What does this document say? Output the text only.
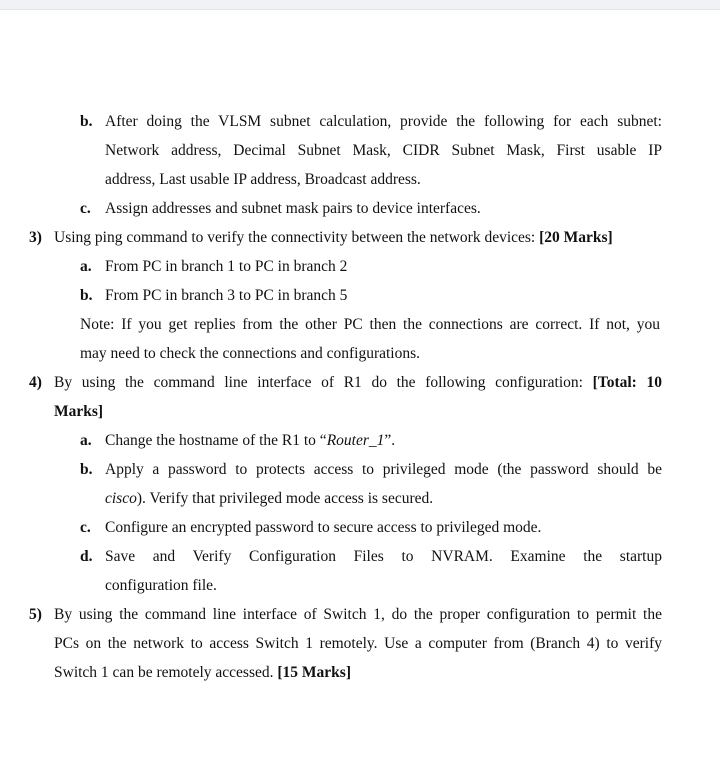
b. After doing the VLSM subnet calculation, provide the following for each subnet:
Network address, Decimal Subnet Mask, CIDR Subnet Mask, First usable IP
address, Last usable IP address, Broadcast address.
c. Assign addresses and subnet mask pairs to device interfaces.
3) Using ping command to verify the connectivity between the network devices: [20 Marks]
a. From PC in branch 1 to PC in branch 2
b. From PC in branch 3 to PC in branch 5
Note: If you get replies from the other PC then the connections are correct. If not, you
may need to check the connections and configurations.
4) By using the command line interface of R1 do the following configuration: [Total: 10
Marks]
a. Change the hostname of the R1 to “Router_1”.
b. Apply a password to protects access to privileged mode (the password should be
cisco). Verify that privileged mode access is secured.
c. Configure an encrypted password to secure access to privileged mode.
d. Save and Verify Configuration Files to NVRAM. Examine the startup
configuration file.
5) By using the command line interface of Switch 1, do the proper configuration to permit the
PCs on the network to access Switch 1 remotely. Use a computer from (Branch 4) to verify
Switch 1 can be remotely accessed. [15 Marks]
